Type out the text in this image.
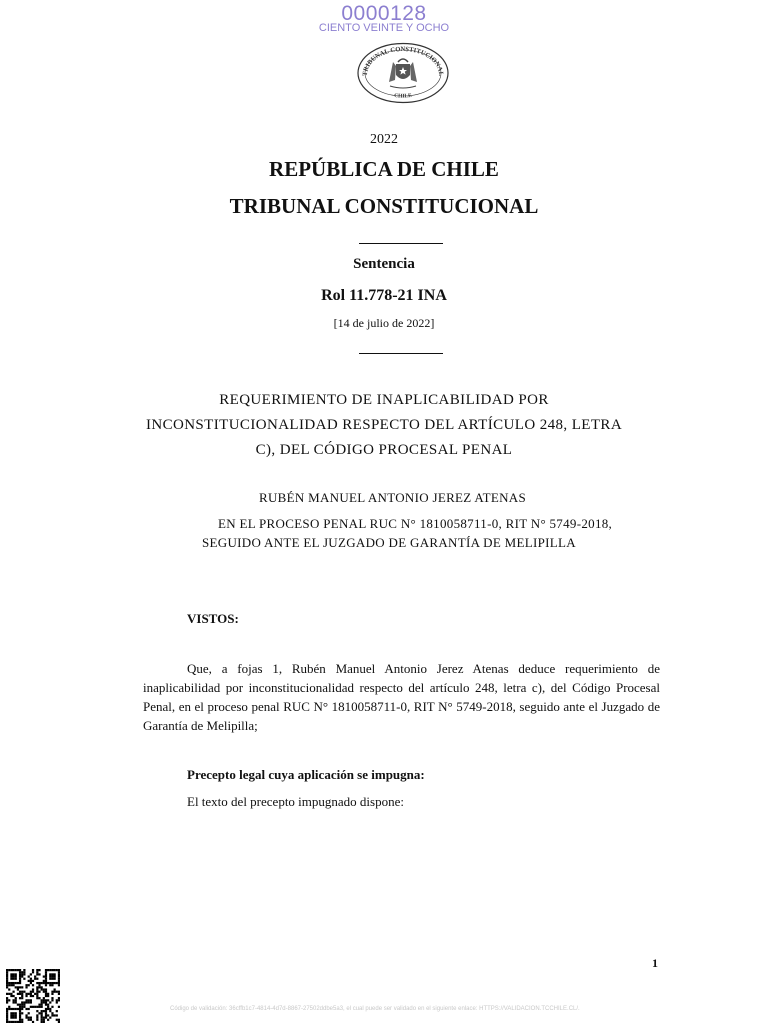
0000128
CIENTO VEINTE Y OCHO
TRIBUNAL CONSTITUCIONAL
CHILE
2022
REPÚBLICA DE CHILE
TRIBUNAL CONSTITUCIONAL
Sentencia
Rol 11.778-21 INA
[14 de julio de 2022]
REQUERIMIENTO DE INAPLICABILIDAD POR
INCONSTITUCIONALIDAD RESPECTO DEL ARTÍCULO 248, LETRA
C), DEL CÓDIGO PROCESAL PENAL
RUBÉN MANUEL ANTONIO JEREZ ATENAS
EN EL PROCESO PENAL RUC N° 1810058711-0, RIT N° 5749-2018,
SEGUIDO ANTE EL JUZGADO DE GARANTÍA DE MELIPILLA
VISTOS:
Que, a fojas 1, Rubén Manuel Antonio Jerez Atenas deduce requerimiento de inaplicabilidad por inconstitucionalidad respecto del artículo 248, letra c), del Código Procesal Penal, en el proceso penal RUC N° 1810058711-0, RIT N° 5749-2018, seguido ante el Juzgado de Garantía de Melipilla;
Precepto legal cuya aplicación se impugna:
El texto del precepto impugnado dispone:
1
Código de validación: 36cffb1c7-4814-4d7d-8867-27502ddbe5a3, el cual puede ser validado en el siguiente enlace: HTTPS://VALIDACION.TCCHILE.CL/.
